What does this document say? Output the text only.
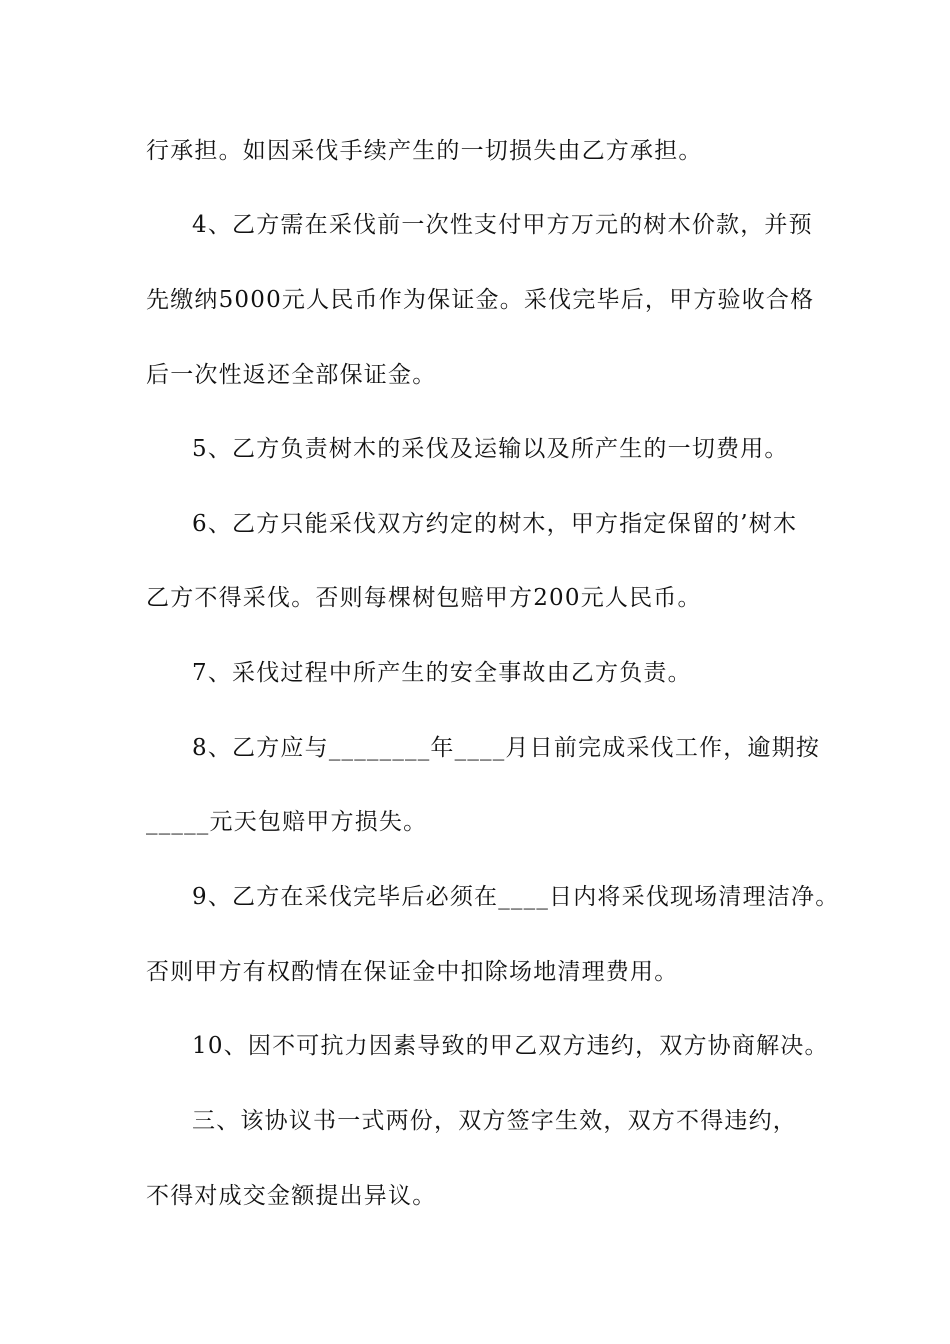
行承担。如因采伐手续产生的一切损失由乙方承担。
4、乙方需在采伐前一次性支付甲方万元的树木价款，并预
先缴纳5000元人民币作为保证金。采伐完毕后，甲方验收合格
后一次性返还全部保证金。
5、乙方负责树木的采伐及运输以及所产生的一切费用。
6、乙方只能采伐双方约定的树木，甲方指定保留的’树木
乙方不得采伐。否则每棵树包赔甲方200元人民币。
7、采伐过程中所产生的安全事故由乙方负责。
8、乙方应与________年____月日前完成采伐工作，逾期按
_____元天包赔甲方损失。
9、乙方在采伐完毕后必须在____日内将采伐现场清理洁净。
否则甲方有权酌情在保证金中扣除场地清理费用。
10、因不可抗力因素导致的甲乙双方违约，双方协商解决。
三、该协议书一式两份，双方签字生效，双方不得违约，
不得对成交金额提出异议。
